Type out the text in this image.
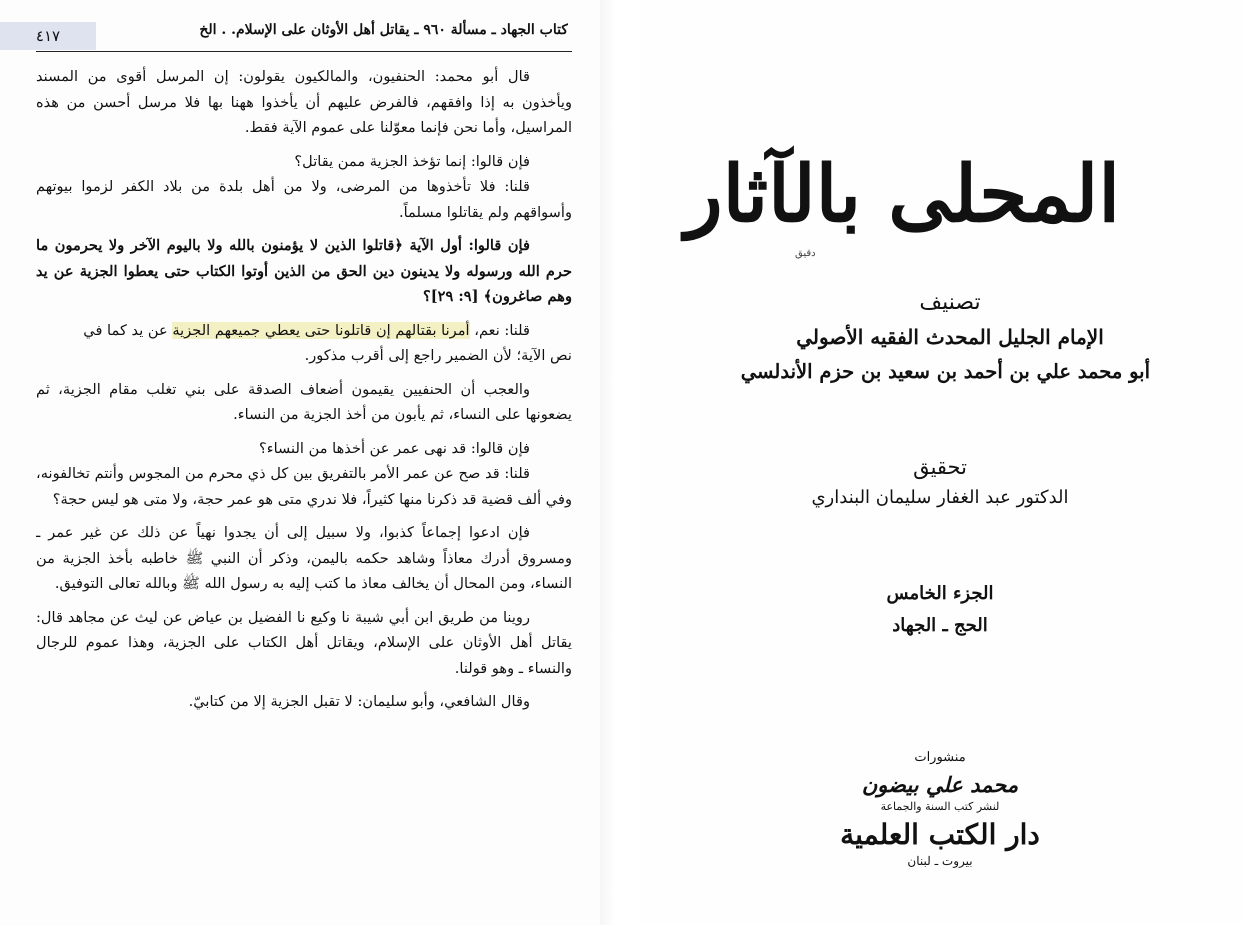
٤١٧	كتاب الجهاد ـ مسألة ٩٦٠ ـ يقاتل أهل الأوثان على الإسلام. . الخ

قال أبو محمد: الحنفيون، والمالكيون يقولون: إن المرسل أقوى من المسند ويأخذون به إذا وافقهم، فالفرض عليهم أن يأخذوا ههنا بها فلا مرسل أحسن من هذه المراسيل، وأما نحن فإنما معوّلنا على عموم الآية فقط.

فإن قالوا: إنما تؤخذ الجزية ممن يقاتل؟

قلنا: فلا تأخذوها من المرضى، ولا من أهل بلدة من بلاد الكفر لزموا بيوتهم وأسواقهم ولم يقاتلوا مسلماً.

فإن قالوا: أول الآية ﴿قاتلوا الذين لا يؤمنون بالله ولا باليوم الآخر ولا يحرمون ما حرم الله ورسوله ولا يدينون دين الحق من الذين أوتوا الكتاب حتى يعطوا الجزية عن يد وهم صاغرون﴾ [٩: ٢٩]؟

قلنا: نعم، أمرنا بقتالهم إن قاتلونا حتى يعطي جميعهم الجزية عن يد كما في

نص الآية؛ لأن الضمير راجع إلى أقرب مذكور.

والعجب أن الحنفيين يقيمون أضعاف الصدقة على بني تغلب مقام الجزية، ثم يضعونها على النساء، ثم يأبون من أخذ الجزية من النساء.

فإن قالوا: قد نهى عمر عن أخذها من النساء؟

قلنا: قد صح عن عمر الأمر بالتفريق بين كل ذي محرم من المجوس وأنتم تخالفونه، وفي ألف قضية قد ذكرنا منها كثيراً، فلا ندري متى هو عمر حجة، ولا متى هو ليس حجة؟

فإن ادعوا إجماعاً كذبوا، ولا سبيل إلى أن يجدوا نهياً عن ذلك عن غير عمر ـ ومسروق أدرك معاذاً وشاهد حكمه باليمن، وذكر أن النبي ﷺ خاطبه بأخذ الجزية من النساء، ومن المحال أن يخالف معاذ ما كتب إليه به رسول الله ﷺ وبالله تعالى التوفيق.

روينا من طريق ابن أبي شيبة نا وكيع نا الفضيل بن عياض عن ليث عن مجاهد قال: يقاتل أهل الأوثان على الإسلام، ويقاتل أهل الكتاب على الجزية، وهذا عموم للرجال والنساء ـ وهو قولنا.

وقال الشافعي، وأبو سليمان: لا تقبل الجزية إلا من كتابيّ.

المحلى بالآثار
دقيق
تصنيف
الإمام الجليل المحدث الفقيه الأصولي
أبو محمد علي بن أحمد بن سعيد بن حزم الأندلسي
تحقيق
الدكتور عبد الغفار سليمان البنداري
الجزء الخامس
الحج ـ الجهاد
منشورات
محمد علي بيضون
لنشر كتب السنة والجماعة
دار الكتب العلمية
بيروت ـ لبنان
